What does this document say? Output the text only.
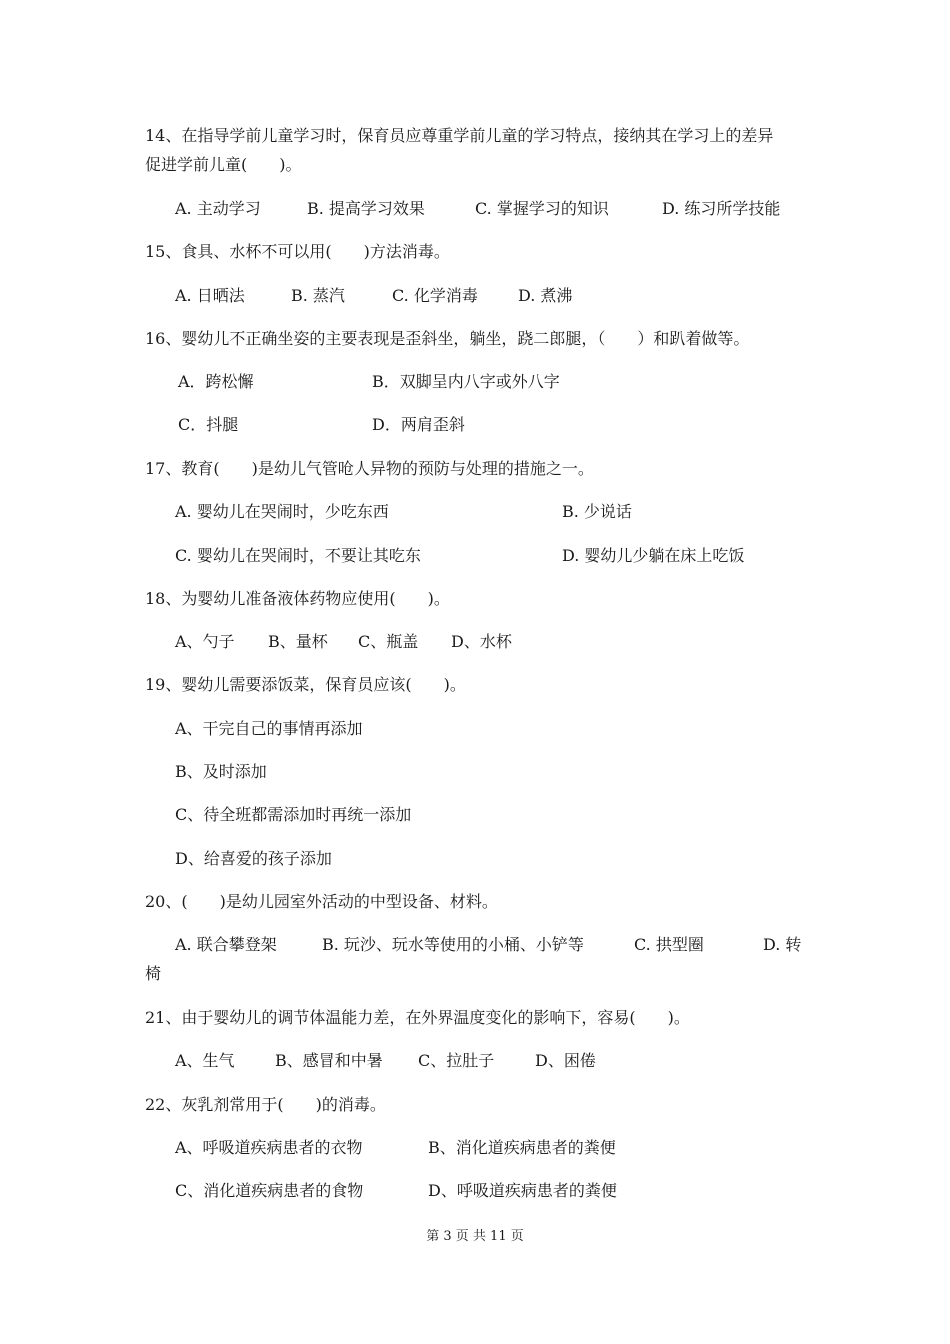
14、在指导学前儿童学习时，保育员应尊重学前儿童的学习特点，接纳其在学习上的差异
促进学前儿童(　　)。
A. 主动学习	B. 提高学习效果	C. 掌握学习的知识	D. 练习所学技能
15、食具、水杯不可以用(　　)方法消毒。
A. 日晒法	B. 蒸汽	C. 化学消毒	D. 煮沸
16、婴幼儿不正确坐姿的主要表现是歪斜坐，躺坐，跷二郎腿，（　　）和趴着做等。
A．跨松懈	B．双脚呈内八字或外八字
C．抖腿	D．两肩歪斜
17、教育(　　)是幼儿气管呛人异物的预防与处理的措施之一。
A. 婴幼儿在哭闹时，少吃东西	B. 少说话
C. 婴幼儿在哭闹时，不要让其吃东	D. 婴幼儿少躺在床上吃饭
18、为婴幼儿准备液体药物应使用(　　)。
A、勺子 B、量杯 C、瓶盖 D、水杯
19、婴幼儿需要添饭菜，保育员应该(　　)。
A、干完自己的事情再添加
B、及时添加
C、待全班都需添加时再统一添加
D、给喜爱的孩子添加
20、(　　)是幼儿园室外活动的中型设备、材料。
A. 联合攀登架	B. 玩沙、玩水等使用的小桶、小铲等	C. 拱型圈	D. 转
椅
21、由于婴幼儿的调节体温能力差，在外界温度变化的影响下，容易(　　)。
A、生气	B、感冒和中暑 C、拉肚子	D、困倦
22、灰乳剂常用于(　　)的消毒。
A、呼吸道疾病患者的衣物	B、消化道疾病患者的粪便
C、消化道疾病患者的食物	D、呼吸道疾病患者的粪便
第 3 页 共 11 页
